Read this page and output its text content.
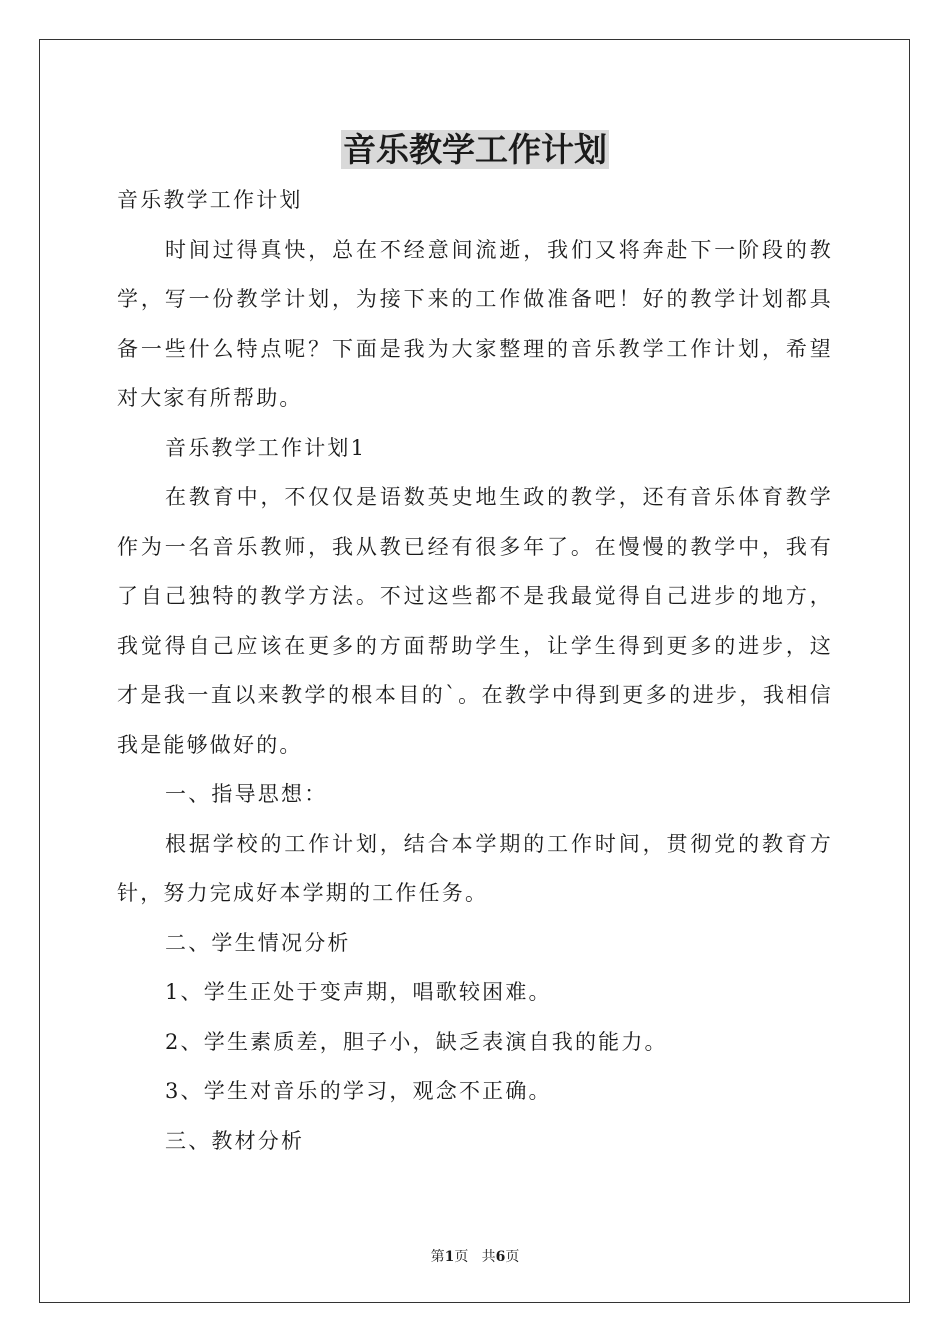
音乐教学工作计划

音乐教学工作计划

时间过得真快，总在不经意间流逝，我们又将奔赴下一阶段的教学，写一份教学计划，为接下来的工作做准备吧！好的教学计划都具备一些什么特点呢？下面是我为大家整理的音乐教学工作计划，希望对大家有所帮助。

音乐教学工作计划1

在教育中，不仅仅是语数英史地生政的教学，还有音乐体育教学作为一名音乐教师，我从教已经有很多年了。在慢慢的教学中，我有了自己独特的教学方法。不过这些都不是我最觉得自己进步的地方，我觉得自己应该在更多的方面帮助学生，让学生得到更多的进步，这才是我一直以来教学的根本目的`。在教学中得到更多的进步，我相信我是能够做好的。

一、指导思想：

根据学校的工作计划，结合本学期的工作时间，贯彻党的教育方针，努力完成好本学期的工作任务。

二、学生情况分析

1、学生正处于变声期，唱歌较困难。

2、学生素质差，胆子小，缺乏表演自我的能力。

3、学生对音乐的学习，观念不正确。

三、教材分析

第1页 共6页
